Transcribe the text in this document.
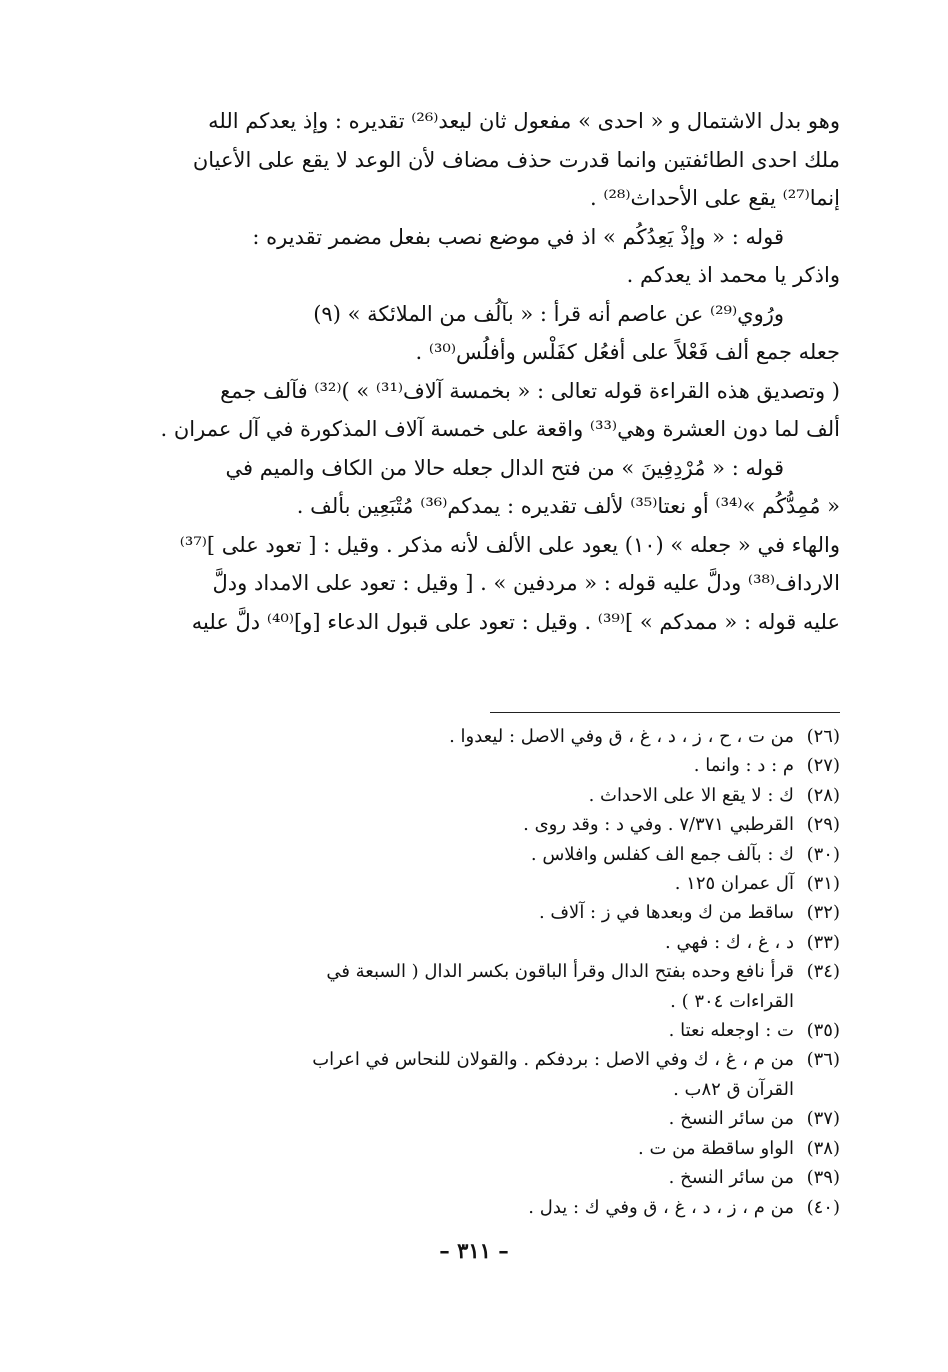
وهو بدل الاشتمال و « احدى » مفعول ثان ليعد⁽²⁶⁾ تقديره : وإذ يعدكم الله
ملك احدى الطائفتين وانما قدرت حذف مضاف لأن الوعد لا يقع على الأعيان
إنما⁽²⁷⁾ يقع على الأحداث⁽²⁸⁾ .

قوله : « وإذْ يَعِدُكُم » اذ في موضع نصب بفعل مضمر تقديره :
واذكر يا محمد اذ يعدكم .

ورُوي⁽²⁹⁾ عن عاصم أنه قرأ : « بآلُف من الملائكة » (٩)
جعله جمع ألف فَعْلاً على أفعُل كفَلْس وأفلُس⁽³⁰⁾ .
( وتصديق هذه القراءة قوله تعالى : « بخمسة آلاف⁽³¹⁾ » )⁽³²⁾ فآلف جمع
ألف لما دون العشرة وهي⁽³³⁾ واقعة على خمسة آلاف المذكورة في آل عمران .

قوله : « مُرْدِفِينَ » من فتح الدال جعله حالا من الكاف والميم في
« مُمِدُّكُم »⁽³⁴⁾ أو نعتا⁽³⁵⁾ لألف تقديره : يمدكم⁽³⁶⁾ مُتْبَعِين بألف .
والهاء في « جعله » (١٠) يعود على الألف لأنه مذكر . وقيل : [ تعود على ]⁽³⁷⁾
الارداف⁽³⁸⁾ ودلَّ عليه قوله : « مردفين » . [ وقيل : تعود على الامداد ودلَّ
عليه قوله : « ممدكم » ]⁽³⁹⁾ . وقيل : تعود على قبول الدعاء [و]⁽⁴⁰⁾ دلَّ عليه

(٢٦)
من ت ، ح ، ز ، د ، غ ، ق وفي الاصل : ليعدوا .
(٢٧)
م : د : وانما .
(٢٨)
ك : لا يقع الا على الاحداث .
(٢٩)
القرطبي ٧/٣٧١ . وفي د : وقد روى .
(٣٠)
ك : بآلف جمع الف كفلس وافلاس .
(٣١)
آل عمران ١٢٥ .
(٣٢)
ساقط من ك وبعدها في ز : آلاف .
(٣٣)
د ، غ ، ك : فهي .
(٣٤)
قرأ نافع وحده بفتح الدال وقرأ الباقون بكسر الدال ( السبعة في
القراءات ٣٠٤ ) .
(٣٥)
ت : اوجعله نعتا .
(٣٦)
من م ، غ ، ك وفي الاصل : بردفكم . والقولان للنحاس في اعراب
القرآن ق ٨٢ب .
(٣٧)
من سائر النسخ .
(٣٨)
الواو ساقطة من ت .
(٣٩)
من سائر النسخ .
(٤٠)
من م ، ز ، د ، غ ، ق وفي ك : يدل .
– ٣١١ –
